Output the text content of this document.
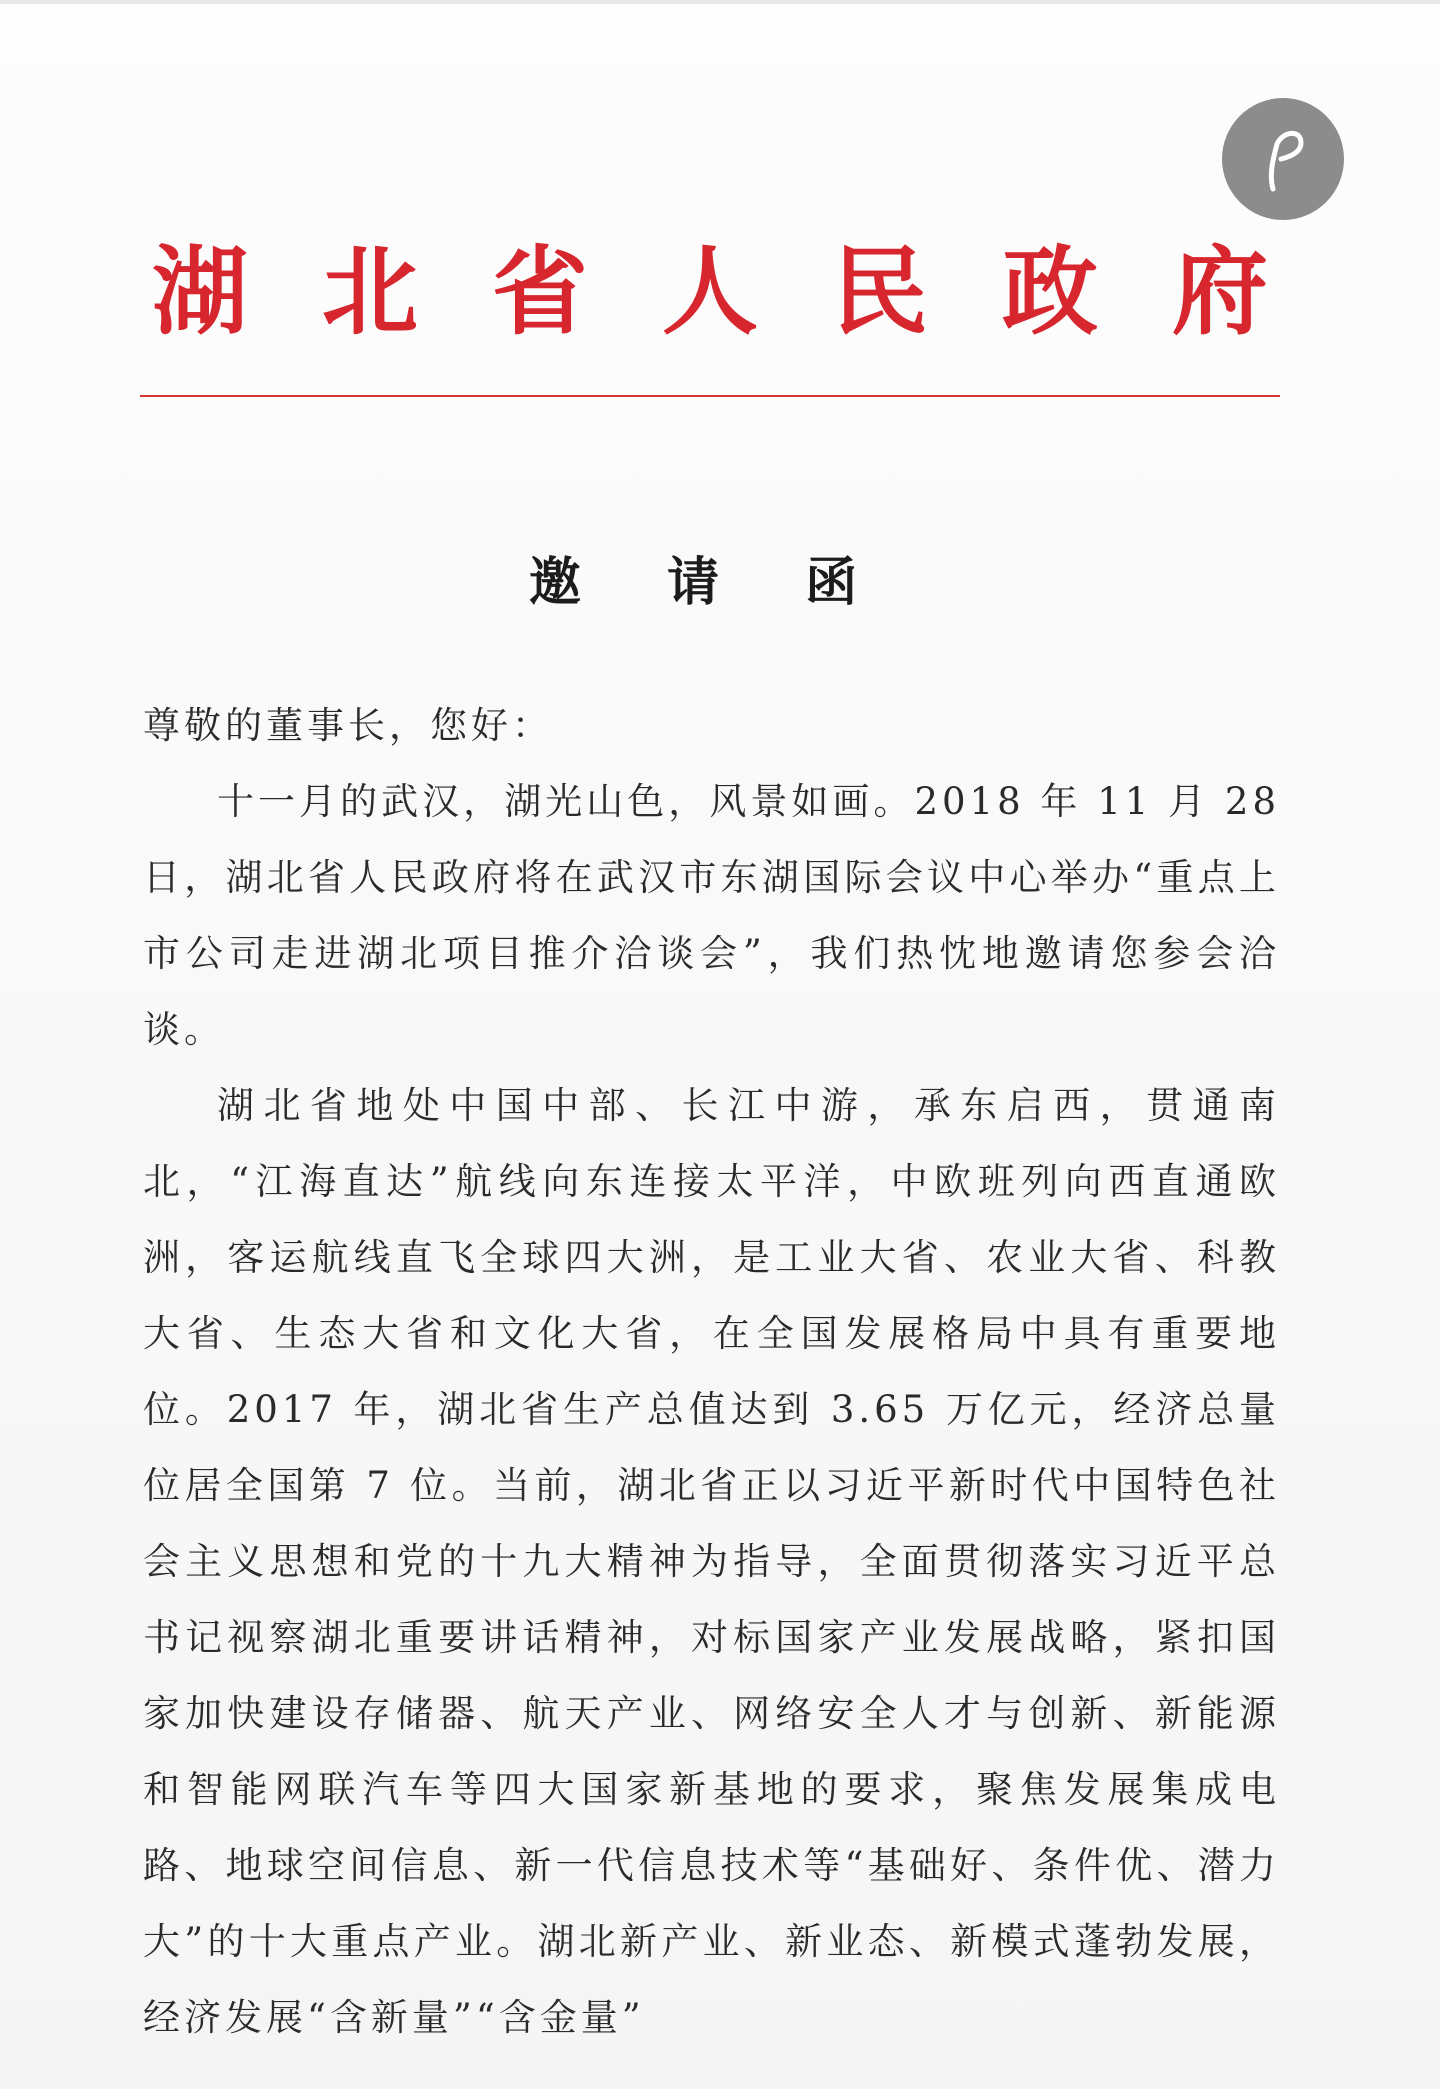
湖 北 省 人 民 政 府
邀 请 函

尊敬的董事长，您好：

十一月的武汉，湖光山色，风景如画。2018 年 11 月 28 日，湖北省人民政府将在武汉市东湖国际会议中心举办“重点上市公司走进湖北项目推介洽谈会”，我们热忱地邀请您参会洽谈。

湖北省地处中国中部、长江中游，承东启西，贯通南北，“江海直达”航线向东连接太平洋，中欧班列向西直通欧洲，客运航线直飞全球四大洲，是工业大省、农业大省、科教大省、生态大省和文化大省，在全国发展格局中具有重要地位。2017 年，湖北省生产总值达到 3.65 万亿元，经济总量位居全国第 7 位。当前，湖北省正以习近平新时代中国特色社会主义思想和党的十九大精神为指导，全面贯彻落实习近平总书记视察湖北重要讲话精神，对标国家产业发展战略，紧扣国家加快建设存储器、航天产业、网络安全人才与创新、新能源和智能网联汽车等四大国家新基地的要求，聚焦发展集成电路、地球空间信息、新一代信息技术等“基础好、条件优、潜力大”的十大重点产业。湖北新产业、新业态、新模式蓬勃发展，经济发展“含新量”“含金量”
